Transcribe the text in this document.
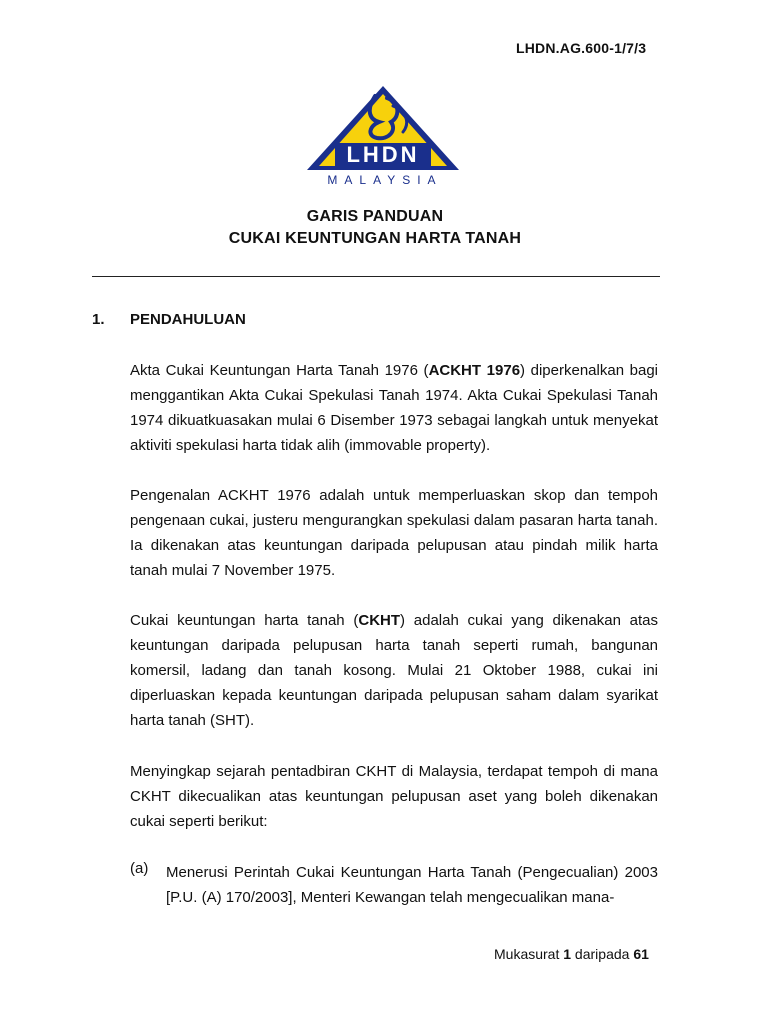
LHDN.AG.600-1/7/3
LHDN
MALAYSIA
GARIS PANDUAN
CUKAI KEUNTUNGAN HARTA TANAH
1. PENDAHULUAN

Akta Cukai Keuntungan Harta Tanah 1976 (ACKHT 1976) diperkenalkan bagi menggantikan Akta Cukai Spekulasi Tanah 1974. Akta Cukai Spekulasi Tanah 1974 dikuatkuasakan mulai 6 Disember 1973 sebagai langkah untuk menyekat aktiviti spekulasi harta tidak alih (immovable property).

Pengenalan ACKHT 1976 adalah untuk memperluaskan skop dan tempoh pengenaan cukai, justeru mengurangkan spekulasi dalam pasaran harta tanah. Ia dikenakan atas keuntungan daripada pelupusan atau pindah milik harta tanah mulai 7 November 1975.

Cukai keuntungan harta tanah (CKHT) adalah cukai yang dikenakan atas keuntungan daripada pelupusan harta tanah seperti rumah, bangunan komersil, ladang dan tanah kosong. Mulai 21 Oktober 1988, cukai ini diperluaskan kepada keuntungan daripada pelupusan saham dalam syarikat harta tanah (SHT).

Menyingkap sejarah pentadbiran CKHT di Malaysia, terdapat tempoh di mana CKHT dikecualikan atas keuntungan pelupusan aset yang boleh dikenakan cukai seperti berikut:

(a) Menerusi Perintah Cukai Keuntungan Harta Tanah (Pengecualian) 2003 [P.U. (A) 170/2003], Menteri Kewangan telah mengecualikan mana-

Mukasurat 1 daripada 61
